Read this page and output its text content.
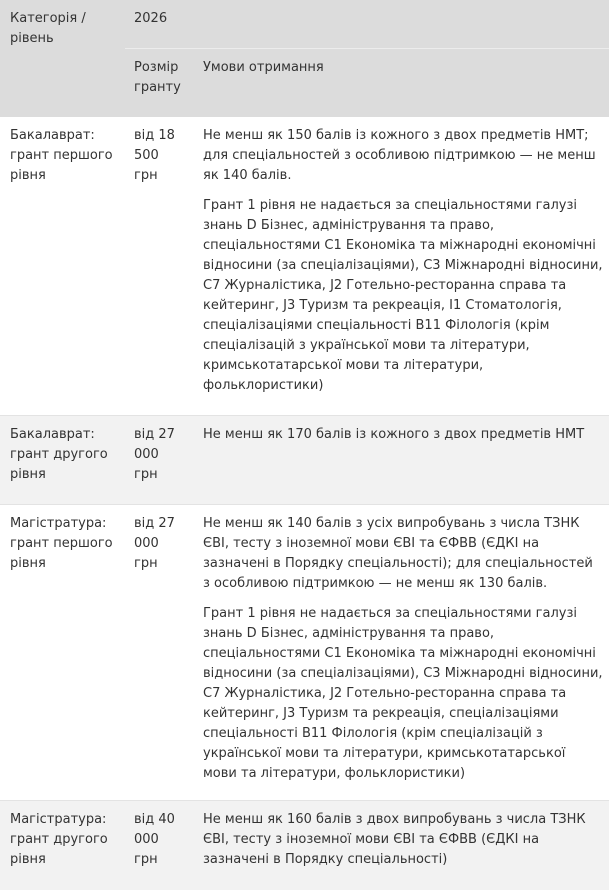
Категорія / рівень
2026
Розмір гранту
Умови отримання
Бакалаврат: грант першого рівня
від 18 500 грн

Не менш як 150 балів із кожного з двох предметів НМТ; для спеціальностей з особливою підтримкою — не менш як 140 балів.

Грант 1 рівня не надається за спеціальностями галузі знань D Бізнес, адміністрування та право, спеціальностями C1 Економіка та міжнародні економічні відносини (за спеціалізаціями), C3 Міжнародні відносини, C7 Журналістика, J2 Готельно-ресторанна справа та кейтеринг, J3 Туризм та рекреація, I1 Стоматологія, спеціалізаціями спеціальності B11 Філологія (крім спеціалізацій з української мови та літератури, кримськотатарської мови та літератури, фольклористики)

Бакалаврат: грант другого рівня
від 27 000 грн

Не менш як 170 балів із кожного з двох предметів НМТ

Магістратура: грант першого рівня
від 27 000 грн

Не менш як 140 балів з усіх випробувань з числа ТЗНК ЄВІ, тесту з іноземної мови ЄВІ та ЄФВВ (ЄДКІ на зазначені в Порядку спеціальності); для спеціальностей з особливою підтримкою — не менш як 130 балів.

Грант 1 рівня не надається за спеціальностями галузі знань D Бізнес, адміністрування та право, спеціальностями C1 Економіка та міжнародні економічні відносини (за спеціалізаціями), C3 Міжнародні відносини, C7 Журналістика, J2 Готельно-ресторанна справа та кейтеринг, J3 Туризм та рекреація, спеціалізаціями спеціальності B11 Філологія (крім спеціалізацій з української мови та літератури, кримськотатарської мови та літератури, фольклористики)

Магістратура: грант другого рівня
від 40 000 грн

Не менш як 160 балів з двох випробувань з числа ТЗНК ЄВІ, тесту з іноземної мови ЄВІ та ЄФВВ (ЄДКІ на зазначені в Порядку спеціальності)
